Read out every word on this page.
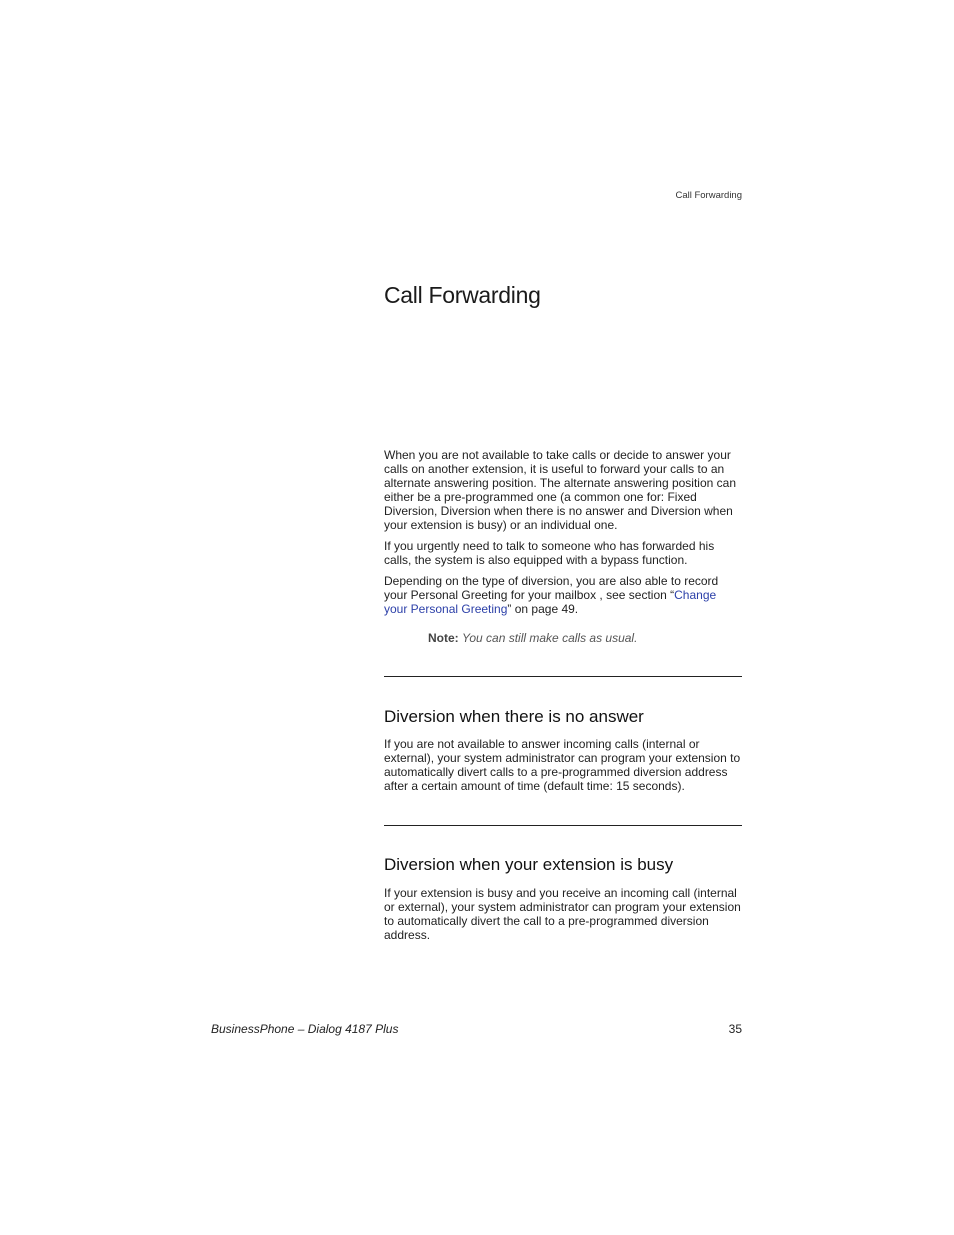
Call Forwarding
Call Forwarding

When you are not available to take calls or decide to answer your calls on another extension, it is useful to forward your calls to an alternate answering position. The alternate answering position can either be a pre-programmed one (a common one for: Fixed Diversion, Diversion when there is no answer and Diversion when your extension is busy) or an individual one.

If you urgently need to talk to someone who has forwarded his calls, the system is also equipped with a bypass function.

Depending on the type of diversion, you are also able to record your Personal Greeting for your mailbox , see section “Change your Personal Greeting” on page 49.

Note: You can still make calls as usual.
Diversion when there is no answer

If you are not available to answer incoming calls (internal or external), your system administrator can program your extension to automatically divert calls to a pre-programmed diversion address after a certain amount of time (default time: 15 seconds).

Diversion when your extension is busy

If your extension is busy and you receive an incoming call (internal or external), your system administrator can program your extension to automatically divert the call to a pre-programmed diversion address.

BusinessPhone – Dialog 4187 Plus	35
